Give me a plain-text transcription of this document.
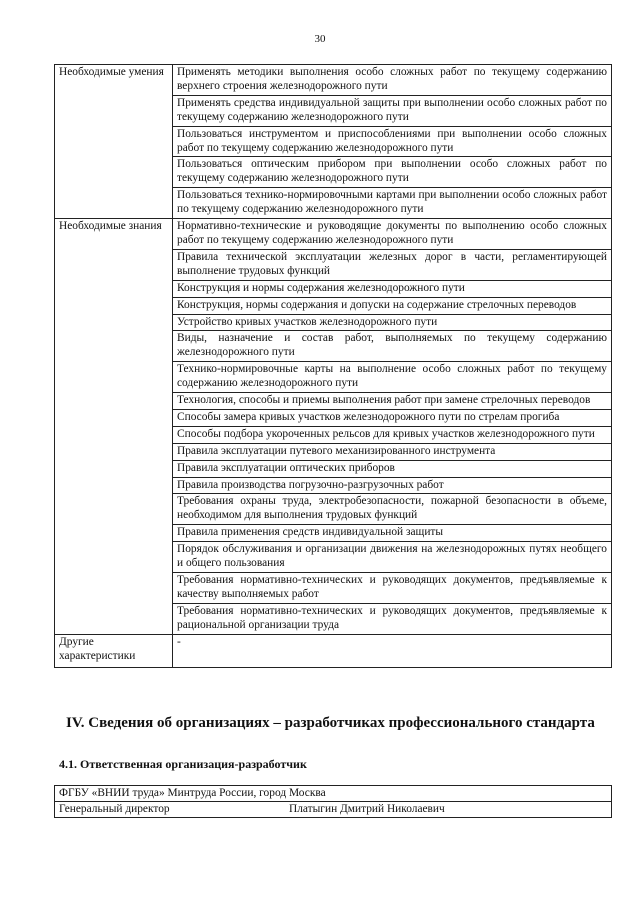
30
Необходимые умения	Применять методики выполнения особо сложных работ по текущему содержанию верхнего строения железнодорожного пути
	Применять средства индивидуальной защиты при выполнении особо сложных работ по текущему содержанию железнодорожного пути
	Пользоваться инструментом и приспособлениями при выполнении особо сложных работ по текущему содержанию железнодорожного пути
	Пользоваться оптическим прибором при выполнении особо сложных работ по текущему содержанию железнодорожного пути
	Пользоваться технико-нормировочными картами при выполнении особо сложных работ по текущему содержанию железнодорожного пути
Необходимые знания	Нормативно-технические и руководящие документы по выполнению особо сложных работ по текущему содержанию железнодорожного пути
	Правила технической эксплуатации железных дорог в части, регламентирующей выполнение трудовых функций
	Конструкция и нормы содержания железнодорожного пути
	Конструкция, нормы содержания и допуски на содержание стрелочных переводов
	Устройство кривых участков железнодорожного пути
	Виды, назначение и состав работ, выполняемых по текущему содержанию железнодорожного пути
	Технико-нормировочные карты на выполнение особо сложных работ по текущему содержанию железнодорожного пути
	Технология, способы и приемы выполнения работ при замене стрелочных переводов
	Способы замера кривых участков железнодорожного пути по стрелам прогиба
	Способы подбора укороченных рельсов для кривых участков железнодорожного пути
	Правила эксплуатации путевого механизированного инструмента
	Правила эксплуатации оптических приборов
	Правила производства погрузочно-разгрузочных работ
	Требования охраны труда, электробезопасности, пожарной безопасности в объеме, необходимом для выполнения трудовых функций
	Правила применения средств индивидуальной защиты
	Порядок обслуживания и организации движения на железнодорожных путях необщего и общего пользования
	Требования нормативно-технических и руководящих документов, предъявляемые к качеству выполняемых работ
	Требования нормативно-технических и руководящих документов, предъявляемые к рациональной организации труда
Другие характеристики	-
IV. Сведения об организациях – разработчиках профессионального стандарта
4.1. Ответственная организация-разработчик
ФГБУ «ВНИИ труда» Минтруда России, город Москва

Генеральный директор	Платыгин Дмитрий Николаевич
